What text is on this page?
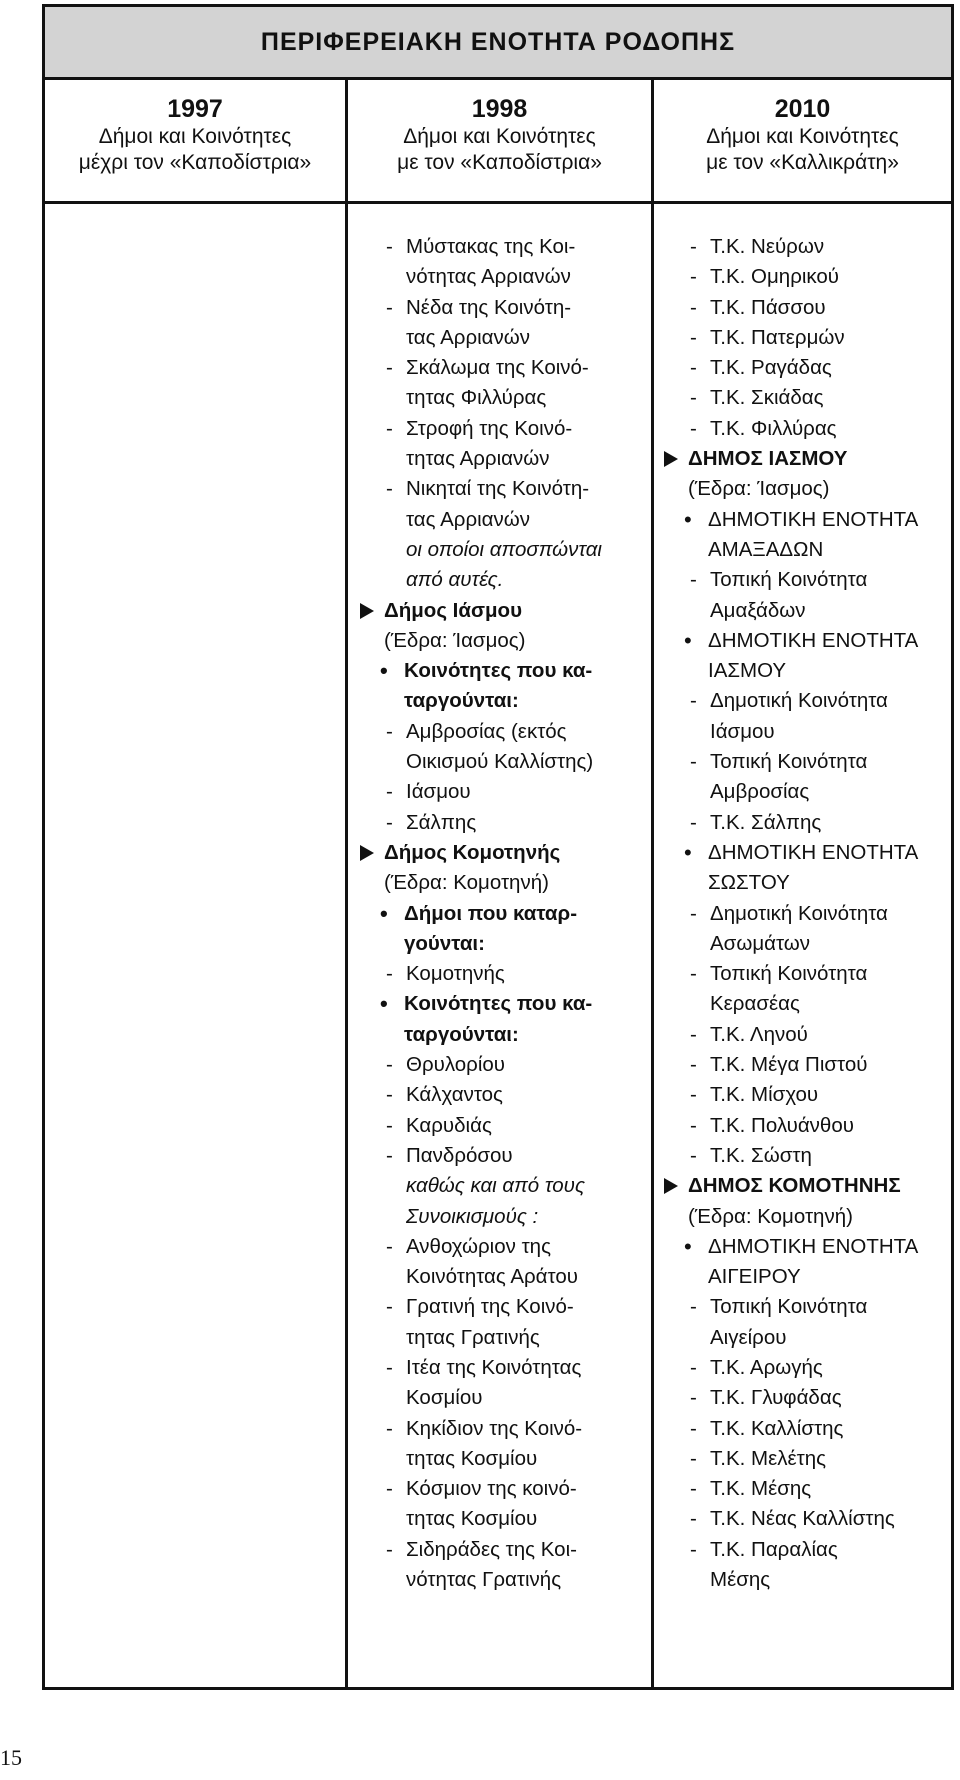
ΠΕΡΙΦΕΡΕΙΑΚΗ ΕΝΟΤΗΤΑ ΡΟΔΟΠΗΣ
1997
Δήμοι και Κοινότητες
μέχρι τον «Καποδίστρια»
1998
Δήμοι και Κοινότητες
με τον «Καποδίστρια»
2010
Δήμοι και Κοινότητες
με τον «Καλλικράτη»
- Μύστακας της Κοι-
νότητας Αρριανών
- Νέδα της Κοινότη-
τας Αρριανών
- Σκάλωμα της Κοινό-
τητας Φιλλύρας
- Στροφή της Κοινό-
τητας Αρριανών
- Νικηταί της Κοινότη-
τας Αρριανών
οι οποίοι αποσπώνται
από αυτές.
Δήμος Ιάσμου
(Έδρα: Ίασμος)
• Κοινότητες που κα-
ταργούνται:
- Αμβροσίας (εκτός
Οικισμού Καλλίστης)
- Ιάσμου
- Σάλπης
Δήμος Κομοτηνής
(Έδρα: Κομοτηνή)
• Δήμοι που καταρ-
γούνται:
- Κομοτηνής
• Κοινότητες που κα-
ταργούνται:
- Θρυλορίου
- Κάλχαντος
- Καρυδιάς
- Πανδρόσου
καθώς και από τους
Συνοικισμούς :
- Ανθοχώριον της
Κοινότητας Αράτου
- Γρατινή της Κοινό-
τητας Γρατινής
- Ιτέα της Κοινότητας
Κοσμίου
- Κηκίδιον της Κοινό-
τητας Κοσμίου
- Κόσμιον της κοινό-
τητας Κοσμίου
- Σιδηράδες της Κοι-
νότητας Γρατινής
- Τ.Κ. Νεύρων
- Τ.Κ. Ομηρικού
- Τ.Κ. Πάσσου
- Τ.Κ. Πατερμών
- Τ.Κ. Ραγάδας
- Τ.Κ. Σκιάδας
- Τ.Κ. Φιλλύρας
ΔΗΜΟΣ ΙΑΣΜΟΥ
(Έδρα: Ίασμος)
• ΔΗΜΟΤΙΚΗ ΕΝΟΤΗΤΑ
ΑΜΑΞΑΔΩΝ
- Τοπική Κοινότητα
Αμαξάδων
• ΔΗΜΟΤΙΚΗ ΕΝΟΤΗΤΑ
ΙΑΣΜΟΥ
- Δημοτική Κοινότητα
Ιάσμου
- Τοπική Κοινότητα
Αμβροσίας
- Τ.Κ. Σάλπης
• ΔΗΜΟΤΙΚΗ ΕΝΟΤΗΤΑ
ΣΩΣΤΟΥ
- Δημοτική Κοινότητα
Ασωμάτων
- Τοπική Κοινότητα
Κερασέας
- Τ.Κ. Ληνού
- Τ.Κ. Μέγα Πιστού
- Τ.Κ. Μίσχου
- Τ.Κ. Πολυάνθου
- Τ.Κ. Σώστη
ΔΗΜΟΣ ΚΟΜΟΤΗΝΗΣ
(Έδρα: Κομοτηνή)
• ΔΗΜΟΤΙΚΗ ΕΝΟΤΗΤΑ
ΑΙΓΕΙΡΟΥ
- Τοπική Κοινότητα
Αιγείρου
- Τ.Κ. Αρωγής
- Τ.Κ. Γλυφάδας
- Τ.Κ. Καλλίστης
- Τ.Κ. Μελέτης
- Τ.Κ. Μέσης
- Τ.Κ. Νέας Καλλίστης
- Τ.Κ. Παραλίας
Μέσης
15
